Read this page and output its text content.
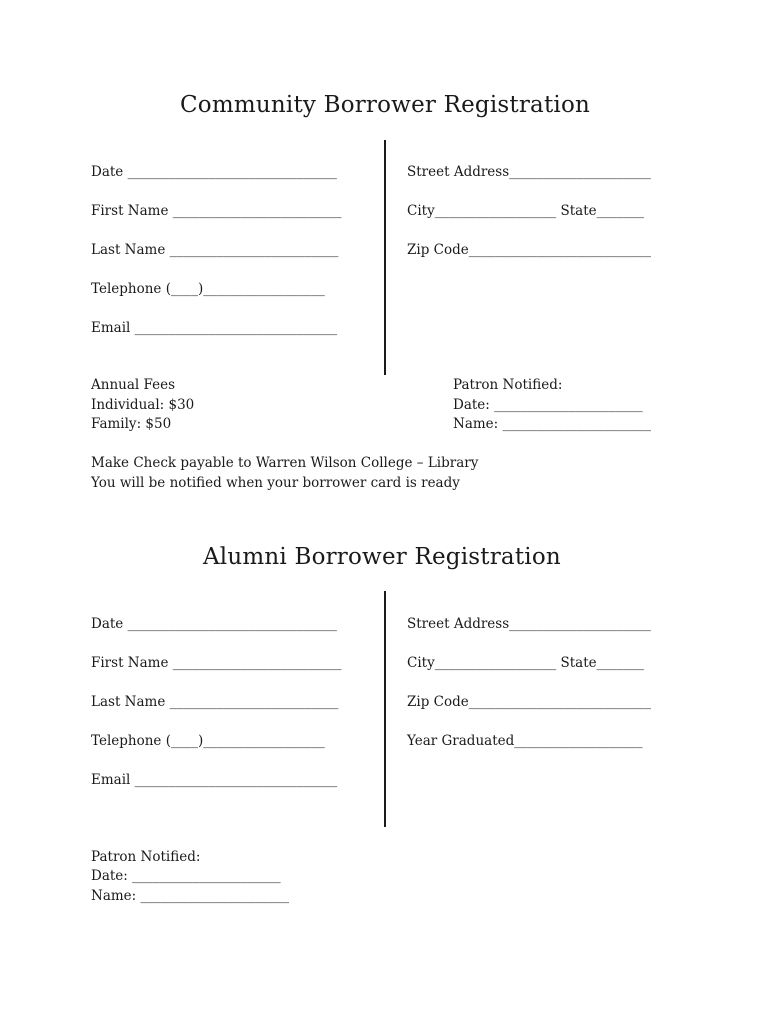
Community Borrower Registration
Date _______________________________
First Name _________________________
Last Name _________________________
Telephone (____)__________________
Email ______________________________
Street Address_____________________
City__________________ State_______
Zip Code___________________________
Annual Fees
Individual: $30
Family: $50
Patron Notified:
Date: ______________________
Name: ______________________
Make Check payable to Warren Wilson College – Library
You will be notified when your borrower card is ready
Alumni Borrower Registration
Date _______________________________
First Name _________________________
Last Name _________________________
Telephone (____)__________________
Email ______________________________
Street Address_____________________
City__________________ State_______
Zip Code___________________________
Year Graduated___________________
Patron Notified:
Date: ______________________
Name: ______________________
